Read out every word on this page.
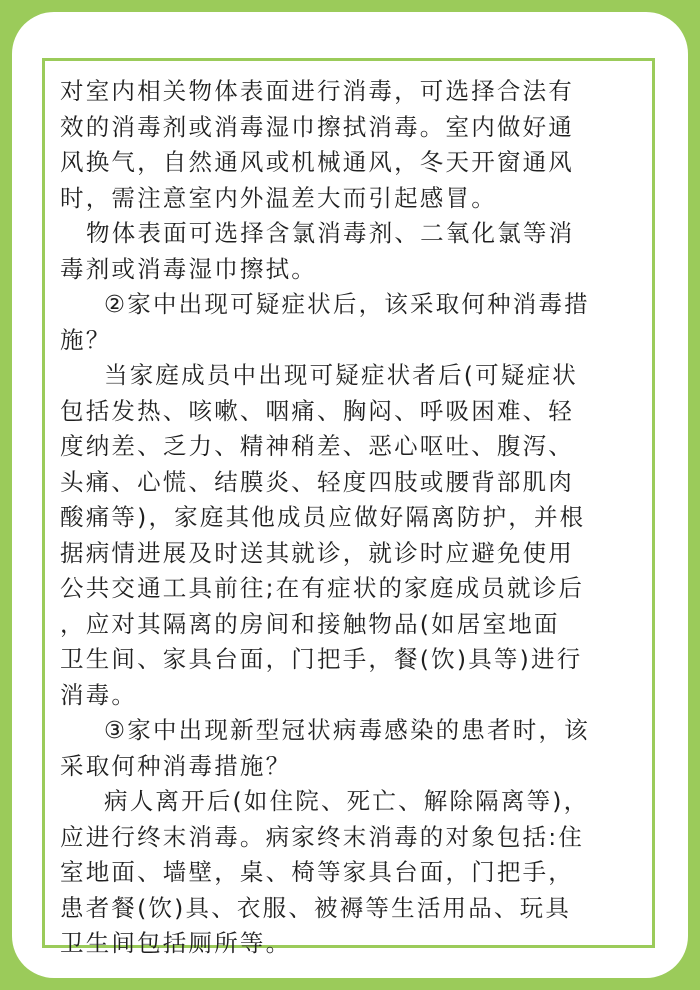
对室内相关物体表面进行消毒，可选择合法有
效的消毒剂或消毒湿巾擦拭消毒。室内做好通
风换气，自然通风或机械通风，冬天开窗通风
时，需注意室内外温差大而引起感冒。
物体表面可选择含氯消毒剂、二氧化氯等消
毒剂或消毒湿巾擦拭。
②家中出现可疑症状后，该采取何种消毒措
施？
当家庭成员中出现可疑症状者后(可疑症状
包括发热、咳嗽、咽痛、胸闷、呼吸困难、轻
度纳差、乏力、精神稍差、恶心呕吐、腹泻、
头痛、心慌、结膜炎、轻度四肢或腰背部肌肉
酸痛等)，家庭其他成员应做好隔离防护，并根
据病情进展及时送其就诊，就诊时应避免使用
公共交通工具前往;在有症状的家庭成员就诊后
，应对其隔离的房间和接触物品(如居室地面
卫生间、家具台面，门把手，餐(饮)具等)进行
消毒。
③家中出现新型冠状病毒感染的患者时，该
采取何种消毒措施？
病人离开后(如住院、死亡、解除隔离等)，
应进行终末消毒。病家终末消毒的对象包括:住
室地面、墙壁，桌、椅等家具台面，门把手，
患者餐(饮)具、衣服、被褥等生活用品、玩具
卫生间包括厕所等。
